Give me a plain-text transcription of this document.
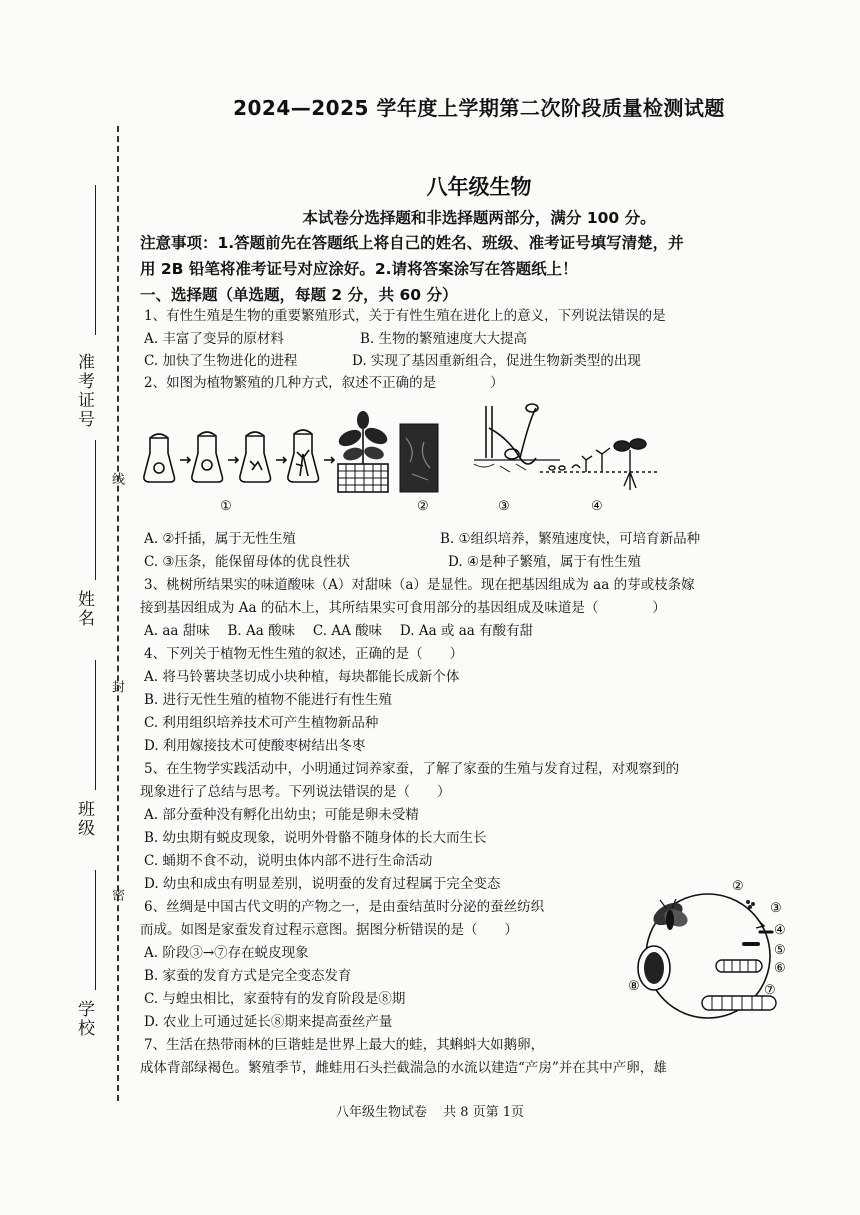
准考证号
姓名
班级
学校
线
封
密
2024—2025 学年度上学期第二次阶段质量检测试题
八年级生物
本试卷分选择题和非选择题两部分，满分 100 分。
注意事项：1.答题前先在答题纸上将自己的姓名、班级、准考证号填写清楚，并
用 2B 铅笔将准考证号对应涂好。2.请将答案涂写在答题纸上！
一、选择题（单选题，每题 2 分，共 60 分）
1、有性生殖是生物的重要繁殖形式，关于有性生殖在进化上的意义，下列说法错误的是
A. 丰富了变异的原材料	B. 生物的繁殖速度大大提高
C. 加快了生物进化的进程	D. 实现了基因重新组合，促进生物新类型的出现
2、如图为植物繁殖的几种方式，叙述不正确的是　　　　）
①	②	③	④
A. ②扦插，属于无性生殖	B. ①组织培养，繁殖速度快，可培育新品种
C. ③压条，能保留母体的优良性状	D. ④是种子繁殖，属于有性生殖
3、桃树所结果实的味道酸味（A）对甜味（a）是显性。现在把基因组成为 aa 的芽或枝条嫁
接到基因组成为 Aa 的砧木上，其所结果实可食用部分的基因组成及味道是（　　　　）
A. aa 甜味　 B. Aa 酸味　 C. AA 酸味　 D. Aa 或 aa 有酸有甜
4、下列关于植物无性生殖的叙述，正确的是（　　）
A. 将马铃薯块茎切成小块种植，每块都能长成新个体
B. 进行无性生殖的植物不能进行有性生殖
C. 利用组织培养技术可产生植物新品种
D. 利用嫁接技术可使酸枣树结出冬枣
5、在生物学实践活动中，小明通过饲养家蚕，了解了家蚕的生殖与发育过程，对观察到的
现象进行了总结与思考。下列说法错误的是（　　）
A. 部分蚕种没有孵化出幼虫；可能是卵未受精
B. 幼虫期有蜕皮现象，说明外骨骼不随身体的长大而生长
C. 蛹期不食不动，说明虫体内部不进行生命活动
D. 幼虫和成虫有明显差别，说明蚕的发育过程属于完全变态
6、丝绸是中国古代文明的产物之一，是由蚕结茧时分泌的蚕丝纺织
而成。如图是家蚕发育过程示意图。据图分析错误的是（　　）
A. 阶段③→⑦存在蜕皮现象
B. 家蚕的发育方式是完全变态发育
C. 与蝗虫相比，家蚕特有的发育阶段是⑧期
D. 农业上可通过延长⑧期来提高蚕丝产量
②
③
④
⑤
⑥
⑦
⑧
7、生活在热带雨林的巨谐蛙是世界上最大的蛙，其蝌蚪大如鹅卵，
成体背部绿褐色。繁殖季节，雌蛙用石头拦截湍急的水流以建造“产房”并在其中产卵，雄
八年级生物试卷 共 8 页第 1页
